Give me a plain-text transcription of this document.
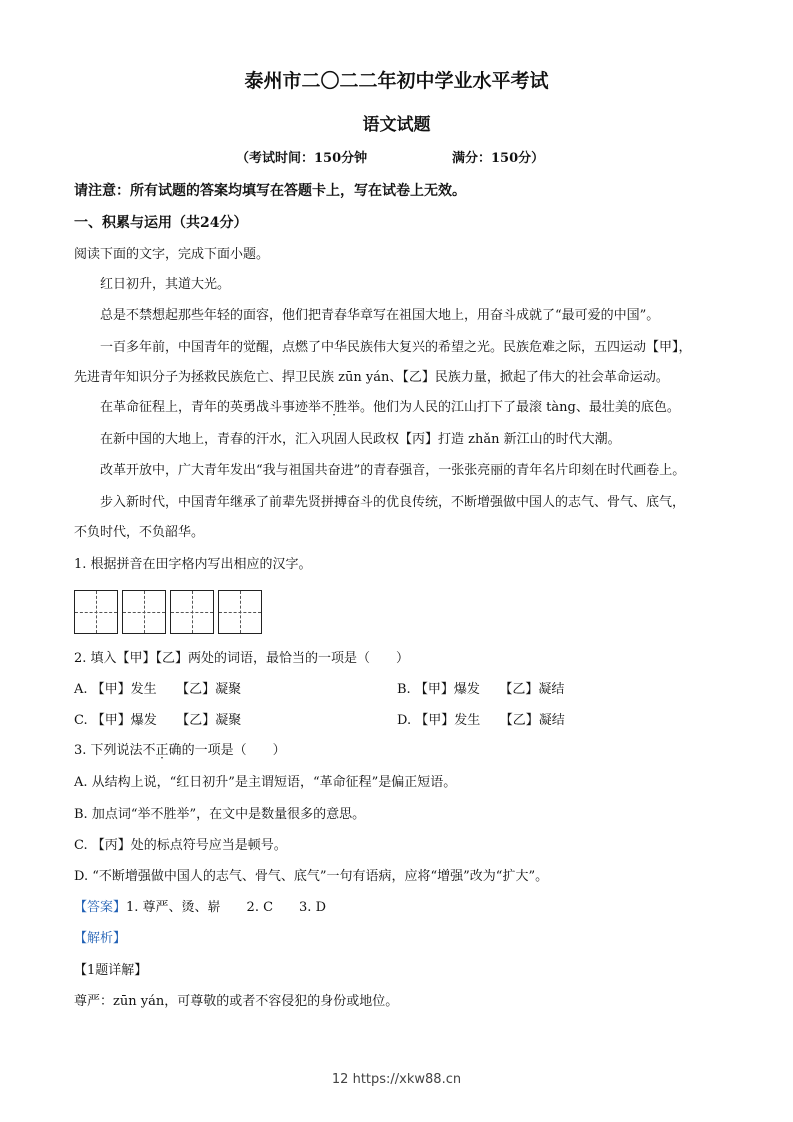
泰州市二〇二二年初中学业水平考试
语文试题
（考试时间：150分钟	满分：150分）
请注意：所有试题的答案均填写在答题卡上，写在试卷上无效。
一、积累与运用（共24分）
阅读下面的文字，完成下面小题。
红日初升，其道大光。
总是不禁想起那些年轻的面容，他们把青春华章写在祖国大地上，用奋斗成就了“最可爱的中国”。
一百多年前，中国青年的觉醒，点燃了中华民族伟大复兴的希望之光。民族危难之际，五四运动【甲】，
先进青年知识分子为拯救民族危亡、捍卫民族 zūn yán、【乙】民族力量，掀起了伟大的社会革命运动。
在革命征程上，青年的英勇战斗事迹举不胜举。他们为人民的江山打下了最滚 tàng、最壮美的底色。
在新中国的大地上，青春的汗水，汇入巩固人民政权【丙】打造 zhǎn 新江山的时代大潮。
改革开放中，广大青年发出“我与祖国共奋进”的青春强音，一张张亮丽的青年名片印刻在时代画卷上。
步入新时代，中国青年继承了前辈先贤拼搏奋斗的优良传统，不断增强做中国人的志气、骨气、底气，
不负时代，不负韶华。
1. 根据拼音在田字格内写出相应的汉字。
2. 填入【甲】【乙】两处的词语，最恰当的一项是（　　）
A. 【甲】发生　　【乙】凝聚	B. 【甲】爆发　　【乙】凝结
C. 【甲】爆发　　【乙】凝聚	D. 【甲】发生　　【乙】凝结
3. 下列说法不正确的一项是（　　）
A. 从结构上说，“红日初升”是主谓短语，“革命征程”是偏正短语。
B. 加点词“举不胜举”，在文中是数量很多的意思。
C. 【丙】处的标点符号应当是顿号。
D. “不断增强做中国人的志气、骨气、底气”一句有语病，应将“增强”改为“扩大”。
【答案】1. 尊严、烫、崭　　2. C　　3. D
【解析】
【1题详解】
尊严：zūn yán，可尊敬的或者不容侵犯的身份或地位。
12 https://xkw88.cn
